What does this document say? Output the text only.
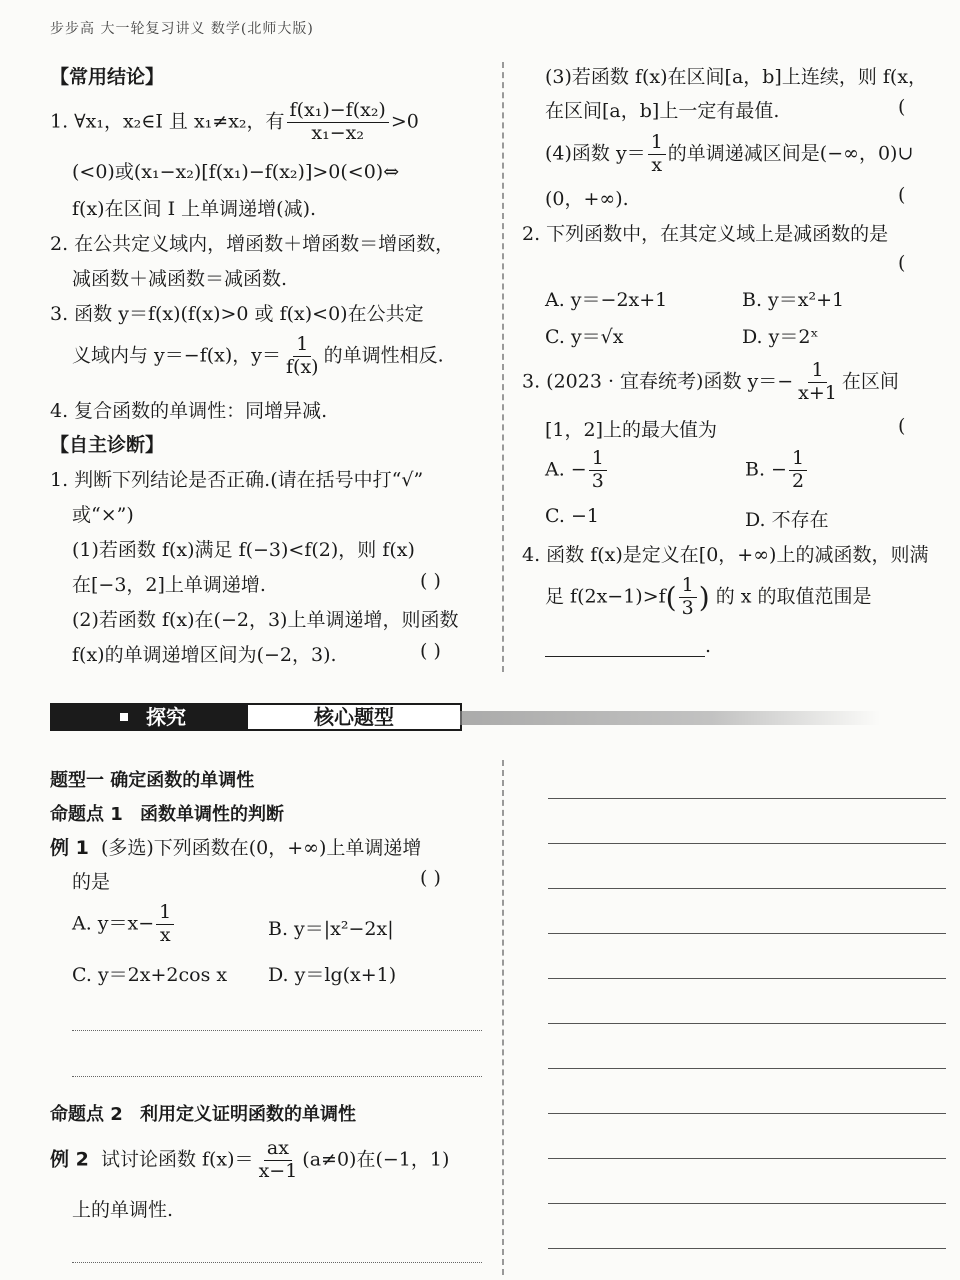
步步高 大一轮复习讲义 数学(北师大版)
【常用结论】
1. ∀x₁，x₂∈I 且 x₁≠x₂，有 $\frac{\text{f(x₁)−f(x₂)}}{\text{x₁−x₂}} >0$
(<0)或(x₁−x₂)[f(x₁)−f(x₂)]>0(<0)⇔
f(x)在区间 I 上单调递增(减).
2. 在公共定义域内，增函数＋增函数＝增函数，
减函数＋减函数＝减函数.
3. 函数 y＝f(x)(f(x)>0 或 f(x)<0)在公共定
义域内与 y＝−f(x)，$y= \frac{1}{f(x)}$ 的单调性相反.
4. 复合函数的单调性：同增异减.
【自主诊断】
1. 判断下列结论是否正确.(请在括号中打“√”
或“×”)
(1)若函数 f(x)满足 f(−3)<f(2)，则 f(x)
在[−3，2]上单调递增.	( )
(2)若函数 f(x)在(−2，3)上单调递增，则函数
f(x)的单调递增区间为(−2，3).	( )
(3)若函数 f(x)在区间[a，b]上连续，则 f(x，
在区间[a，b]上一定有最值.	(
(4)函数 $y= \frac{1}{x}$ 的单调递减区间是(−∞，0)∪
(0，+∞).	(
2. 下列函数中，在其定义域上是减函数的是
(
A. y＝−2x+1	B. y＝x²+1
C. y＝√x	D. y＝2ˣ
3. (2023 · 宜春统考)函数 $y=- \frac{1}{x+1}$ 在区间
[1，2]上的最大值为	(
A. − $\frac{1}{3}$	B. − $\frac{1}{2}$
C. −1	D. 不存在
4. 函数 f(x)是定义在[0，+∞)上的减函数，则满
足 $f(2x-1)>f( \frac{1}{3}$ ) 的 x 的取值范围是
.
探究	核心题型
题型一 确定函数的单调性
命题点 1 函数单调性的判断
例 1 (多选)下列函数在(0，+∞)上单调递增
的是	( )
A. $y=x- \frac{1}{x}$	B. y＝|x²−2x|
C. y＝2x+2cos x D. y＝lg(x+1)
命题点 2 利用定义证明函数的单调性
例 2 试讨论函数 $f(x)= \frac{ax}{x-1} (a\ne 0)$在(−1，1)
上的单调性.
